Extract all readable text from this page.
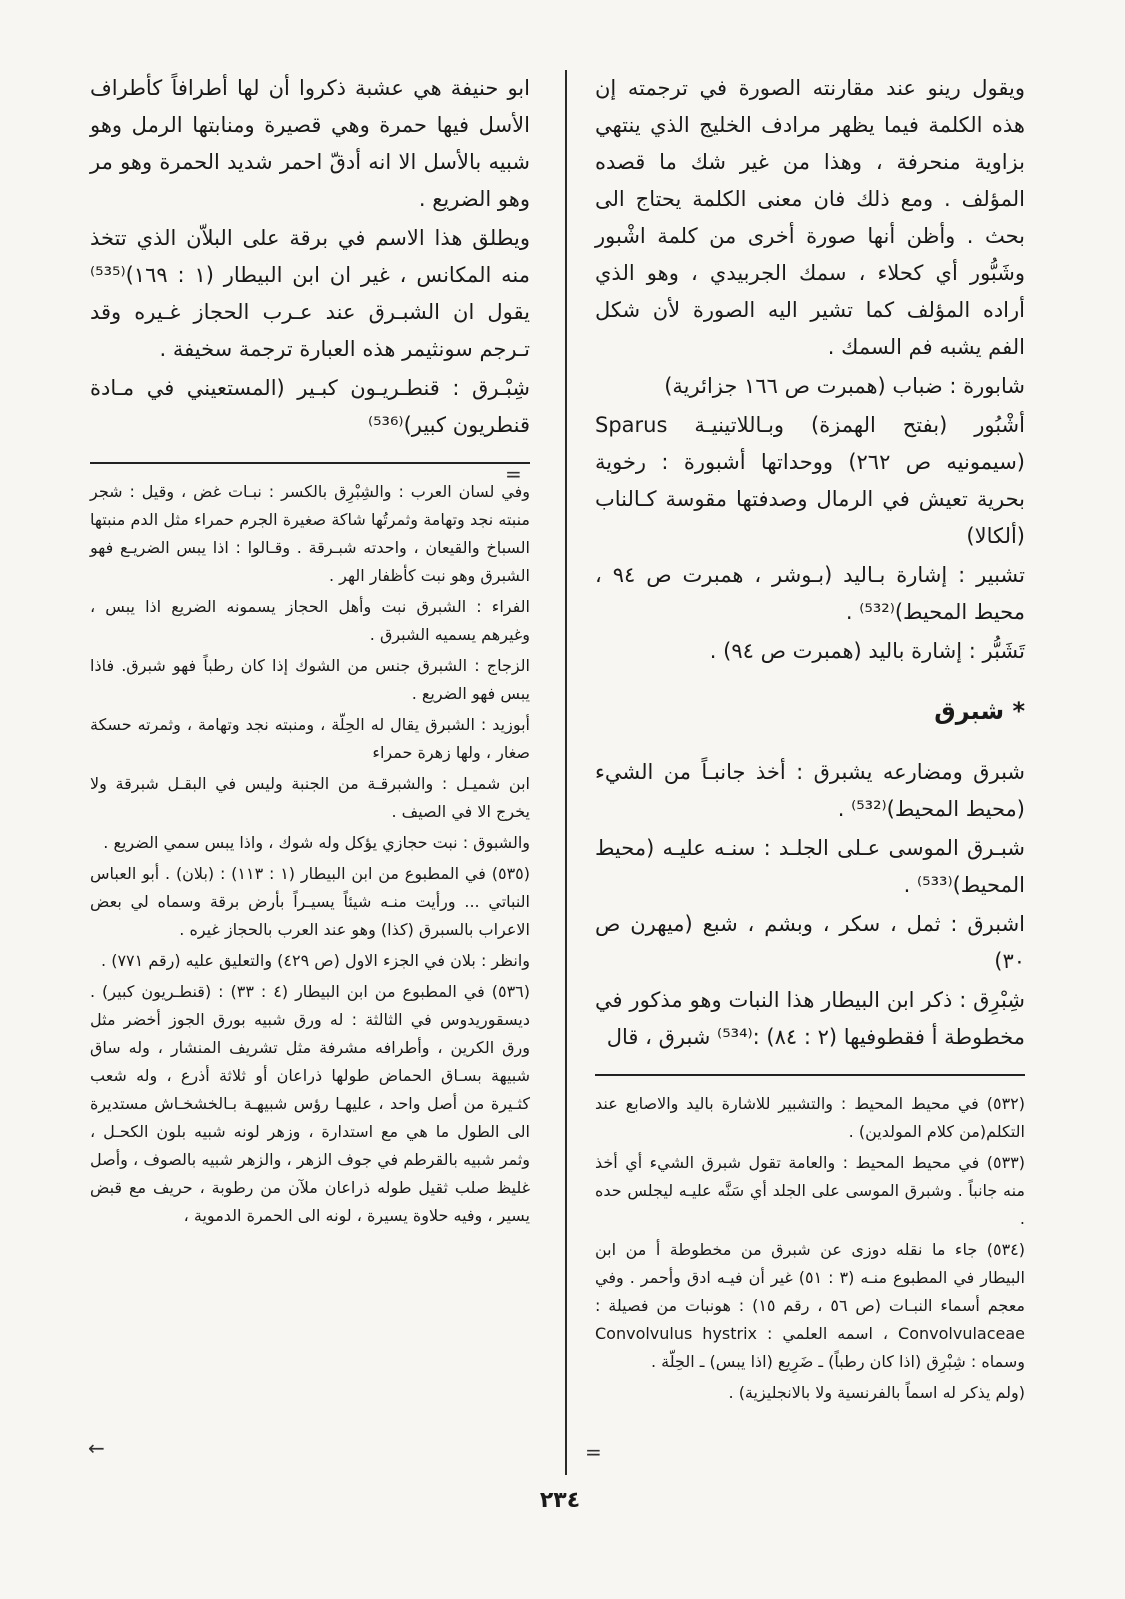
ويقول رينو عند مقارنته الصورة في ترجمته إن هذه الكلمة فيما يظهر مرادف الخليج الذي ينتهي بزاوية منحرفة ، وهذا من غير شك ما قصده المؤلف . ومع ذلك فان معنى الكلمة يحتاج الى بحث . وأظن أنها صورة أخرى من كلمة اشْبور وشَبُّور أي كحلاء ، سمك الجربيدي ، وهو الذي أراده المؤلف كما تشير اليه الصورة لأن شكل الفم يشبه فم السمك .

شابورة : ضباب (همبرت ص ١٦٦ جزائرية)

أشْبُور (بفتح الهمزة) وبـاللاتينيـة Sparus (سيمونيه ص ٢٦٢) ووحداتها أشبورة : رخوية بحرية تعيش في الرمال وصدفتها مقوسة كـالناب (ألكالا)

تشبير : إشارة بـاليد (بـوشر ، همبرت ص ٩٤ ، محيط المحيط)⁽⁵³²⁾ .

تَشَبُّر : إشارة باليد (همبرت ص ٩٤) .

* شبرق

شبرق ومضارعه يشبرق : أخذ جانبـاً من الشيء (محيط المحيط)⁽⁵³²⁾ .

شبـرق الموسى عـلى الجلـد : سنـه عليـه (محيط المحيط)⁽⁵³³⁾ .

اشبرق : ثمل ، سكر ، وبشم ، شبع (ميهرن ص ٣٠)

شِبْرِق : ذكر ابن البيطار هذا النبات وهو مذكور في مخطوطة أ فقطوفيها (٢ : ٨٤) :⁽⁵³⁴⁾ شبرق ، قال

(٥٣٢) في محيط المحيط : والتشبير للاشارة باليد والاصابع عند التكلم(من كلام المولدين) .

(٥٣٣) في محيط المحيط : والعامة تقول شبرق الشيء أي أخذ منه جانباً . وشبرق الموسى على الجلد أي سَنَّه عليـه ليجلس حده .

(٥٣٤) جاء ما نقله دوزى عن شبرق من مخطوطة أ من ابن البيطار في المطبوع منـه (٣ : ٥١) غير أن فيـه ادق وأحمر . وفي معجم أسماء النبـات (ص ٥٦ ، رقم ١٥) : هونبات من فصيلة : Convolvulaceae ، اسمه العلمي : Convolvulus hystrix وسماه : شِبْرِق (اذا كان رطباً) ـ ضَرِيع (اذا يبس) ـ الحِلّة .

(ولم يذكر له اسماً بالفرنسية ولا بالانجليزية) .

ابو حنيفة هي عشبة ذكروا أن لها أطرافاً كأطراف الأسل فيها حمرة وهي قصيرة ومنابتها الرمل وهو شبيه بالأسل الا انه أدقّ احمر شديد الحمرة وهو مر وهو الضريع .

ويطلق هذا الاسم في برقة على البلاّن الذي تتخذ منه المكانس ، غير ان ابن البيطار (١ : ١٦٩)⁽⁵³⁵⁾ يقول ان الشبـرق عند عـرب الحجاز غـيره وقد تـرجم سونثيمر هذه العبارة ترجمة سخيفة .

شِبْـرق : قنطـريـون كبـير (المستعيني في مـادة قنطريون كبير)⁽⁵³⁶⁾

وفي لسان العرب : والشِبْرِق بالكسر : نبـات غض ، وقيل : شجر منبته نجد وتهامة وثمرتُها شاكة صغيرة الجرم حمراء مثل الدم منبتها السباخ والقيعان ، واحدته شبـرقة . وقـالوا : اذا يبس الضريـع فهو الشبرق وهو نبت كأظفار الهر .

الفراء : الشبرق نبت وأهل الحجاز يسمونه الضريع اذا يبس ، وغيرهم يسميه الشبرق .

الزجاج : الشبرق جنس من الشوك إذا كان رطباً فهو شبرق. فاذا يبس فهو الضريع .

أبوزيد : الشبرق يقال له الحِلّة ، ومنبته نجد وتهامة ، وثمرته حسكة صغار ، ولها زهرة حمراء

ابن شميـل : والشبرقـة من الجنبة وليس في البقـل شبرقة ولا يخرج الا في الصيف .

والشبوق : نبت حجازي يؤكل وله شوك ، واذا يبس سمي الضريع .

(٥٣٥) في المطبوع من ابن البيطار (١ : ١١٣) : (بلان) . أبو العباس النباتي ... ورأيت منـه شيئاً يسيـراً بأرض برقة وسماه لي بعض الاعراب بالسبرق (كذا) وهو عند العرب بالحجاز غيره .

وانظر : بلان في الجزء الاول (ص ٤٢٩) والتعليق عليه (رقم ٧٧١) .

(٥٣٦) في المطبوع من ابن البيطار (٤ : ٣٣) : (قنطـريون كبير) . ديسقوريدوس في الثالثة : له ورق شبيه بورق الجوز أخضر مثل ورق الكرين ، وأطرافه مشرفة مثل تشريف المنشار ، وله ساق شبيهة بسـاق الحماض طولها ذراعان أو ثلاثة أذرع ، وله شعب كثـيرة من أصل واحد ، عليهـا رؤس شبيهـة بـالخشخـاش مستديرة الى الطول ما هي مع استدارة ، وزهر لونه شبيه بلون الكحـل ، وثمر شبيه بالقرطم في جوف الزهر ، والزهر شبيه بالصوف ، وأصل غليظ صلب ثقيل طوله ذراعان ملآن من رطوبة ، حريف مع قبض يسير ، وفيه حلاوة يسيرة ، لونه الى الحمرة الدموية ،

←
=
=
٢٣٤
